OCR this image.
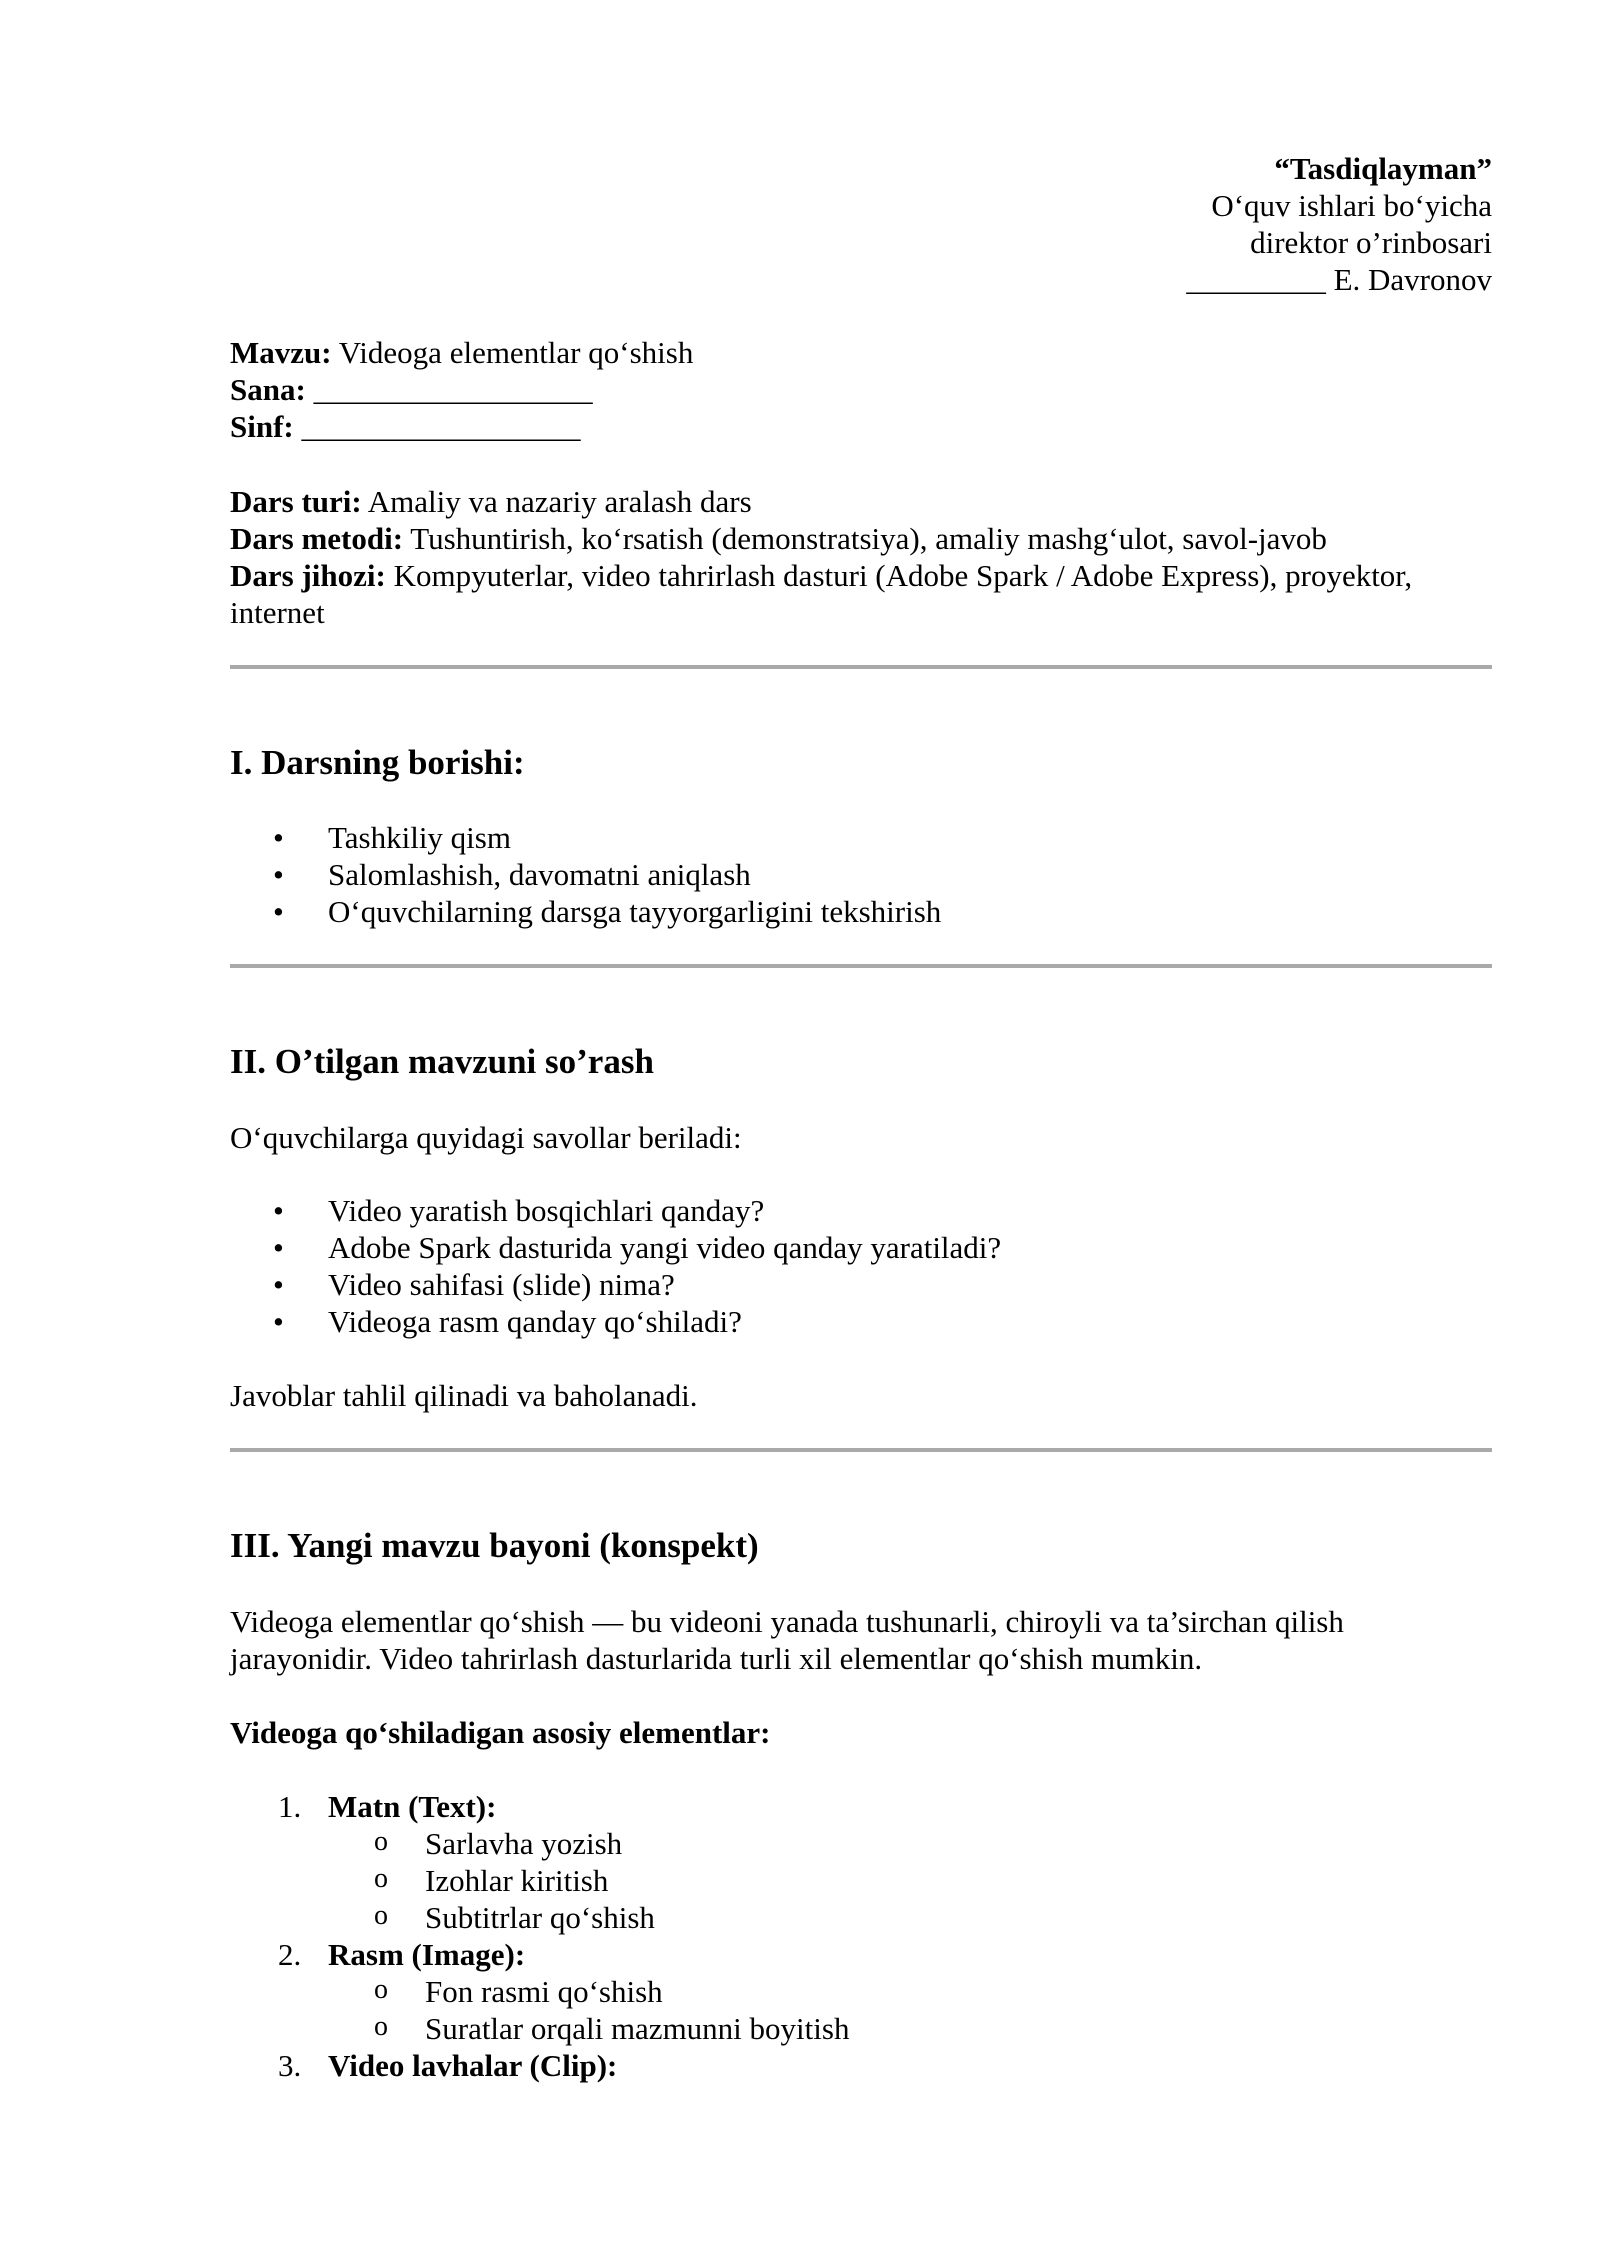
“Tasdiqlayman”
O‘quv ishlari bo‘yicha
direktor o’rinbosari
_________ E. Davronov
Mavzu: Videoga elementlar qo‘shish
Sana: __________________
Sinf: __________________
Dars turi: Amaliy va nazariy aralash dars
Dars metodi: Tushuntirish, ko‘rsatish (demonstratsiya), amaliy mashg‘ulot, savol-javob
Dars jihozi: Kompyuterlar, video tahrirlash dasturi (Adobe Spark / Adobe Express), proyektor, internet
I. Darsning borishi:
• Tashkiliy qism
• Salomlashish, davomatni aniqlash
• O‘quvchilarning darsga tayyorgarligini tekshirish
II. O’tilgan mavzuni so’rash

O‘quvchilarga quyidagi savollar beriladi:

• Video yaratish bosqichlari qanday?
• Adobe Spark dasturida yangi video qanday yaratiladi?
• Video sahifasi (slide) nima?
• Videoga rasm qanday qo‘shiladi?

Javoblar tahlil qilinadi va baholanadi.

III. Yangi mavzu bayoni (konspekt)

Videoga elementlar qo‘shish — bu videoni yanada tushunarli, chiroyli va ta’sirchan qilish jarayonidir. Video tahrirlash dasturlarida turli xil elementlar qo‘shish mumkin.

Videoga qo‘shiladigan asosiy elementlar:

1. Matn (Text):
o Sarlavha yozish
o Izohlar kiritish
o Subtitrlar qo‘shish
2. Rasm (Image):
o Fon rasmi qo‘shish
o Suratlar orqali mazmunni boyitish
3. Video lavhalar (Clip):
